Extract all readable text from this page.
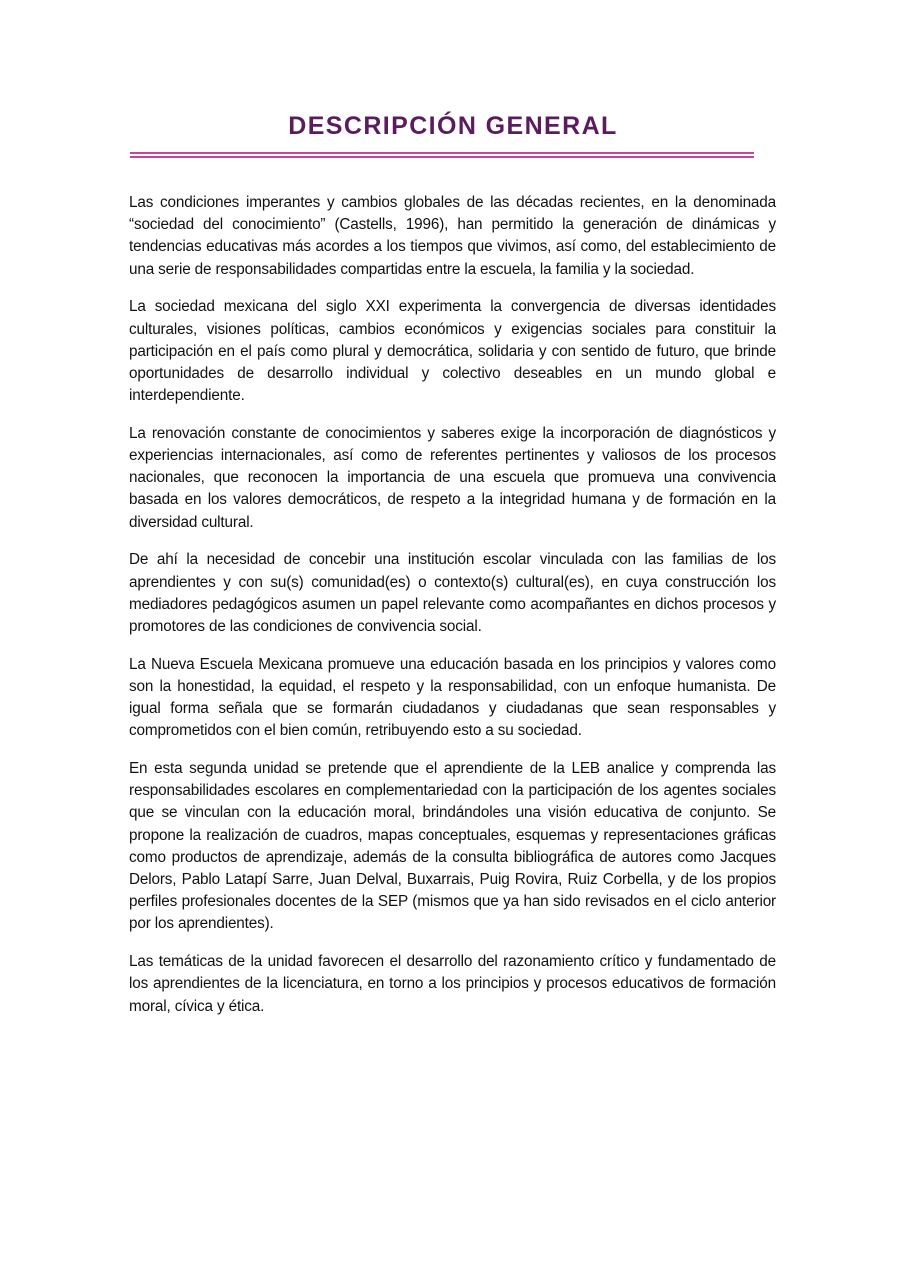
DESCRIPCIÓN GENERAL

Las condiciones imperantes y cambios globales de las décadas recientes, en la denominada “sociedad del conocimiento” (Castells, 1996), han permitido la generación de dinámicas y tendencias educativas más acordes a los tiempos que vivimos, así como, del establecimiento de una serie de responsabilidades compartidas entre la escuela, la familia y la sociedad.

La sociedad mexicana del siglo XXI experimenta la convergencia de diversas identidades culturales, visiones políticas, cambios económicos y exigencias sociales para constituir la participación en el país como plural y democrática, solidaria y con sentido de futuro, que brinde oportunidades de desarrollo individual y colectivo deseables en un mundo global e interdependiente.

La renovación constante de conocimientos y saberes exige la incorporación de diagnósticos y experiencias internacionales, así como de referentes pertinentes y valiosos de los procesos nacionales, que reconocen la importancia de una escuela que promueva una convivencia basada en los valores democráticos, de respeto a la integridad humana y de formación en la diversidad cultural.

De ahí la necesidad de concebir una institución escolar vinculada con las familias de los aprendientes y con su(s) comunidad(es) o contexto(s) cultural(es), en cuya construcción los mediadores pedagógicos asumen un papel relevante como acompañantes en dichos procesos y promotores de las condiciones de convivencia social.

La Nueva Escuela Mexicana promueve una educación basada en los principios y valores como son la honestidad, la equidad, el respeto y la responsabilidad, con un enfoque humanista. De igual forma señala que se formarán ciudadanos y ciudadanas que sean responsables y comprometidos con el bien común, retribuyendo esto a su sociedad.

En esta segunda unidad se pretende que el aprendiente de la LEB analice y comprenda las responsabilidades escolares en complementariedad con la participación de los agentes sociales que se vinculan con la educación moral, brindándoles una visión educativa de conjunto. Se propone la realización de cuadros, mapas conceptuales, esquemas y representaciones gráficas como productos de aprendizaje, además de la consulta bibliográfica de autores como Jacques Delors, Pablo Latapí Sarre, Juan Delval, Buxarrais, Puig Rovira, Ruiz Corbella, y de los propios perfiles profesionales docentes de la SEP (mismos que ya han sido revisados en el ciclo anterior por los aprendientes).

Las temáticas de la unidad favorecen el desarrollo del razonamiento crítico y fundamentado de los aprendientes de la licenciatura, en torno a los principios y procesos educativos de formación moral, cívica y ética.
